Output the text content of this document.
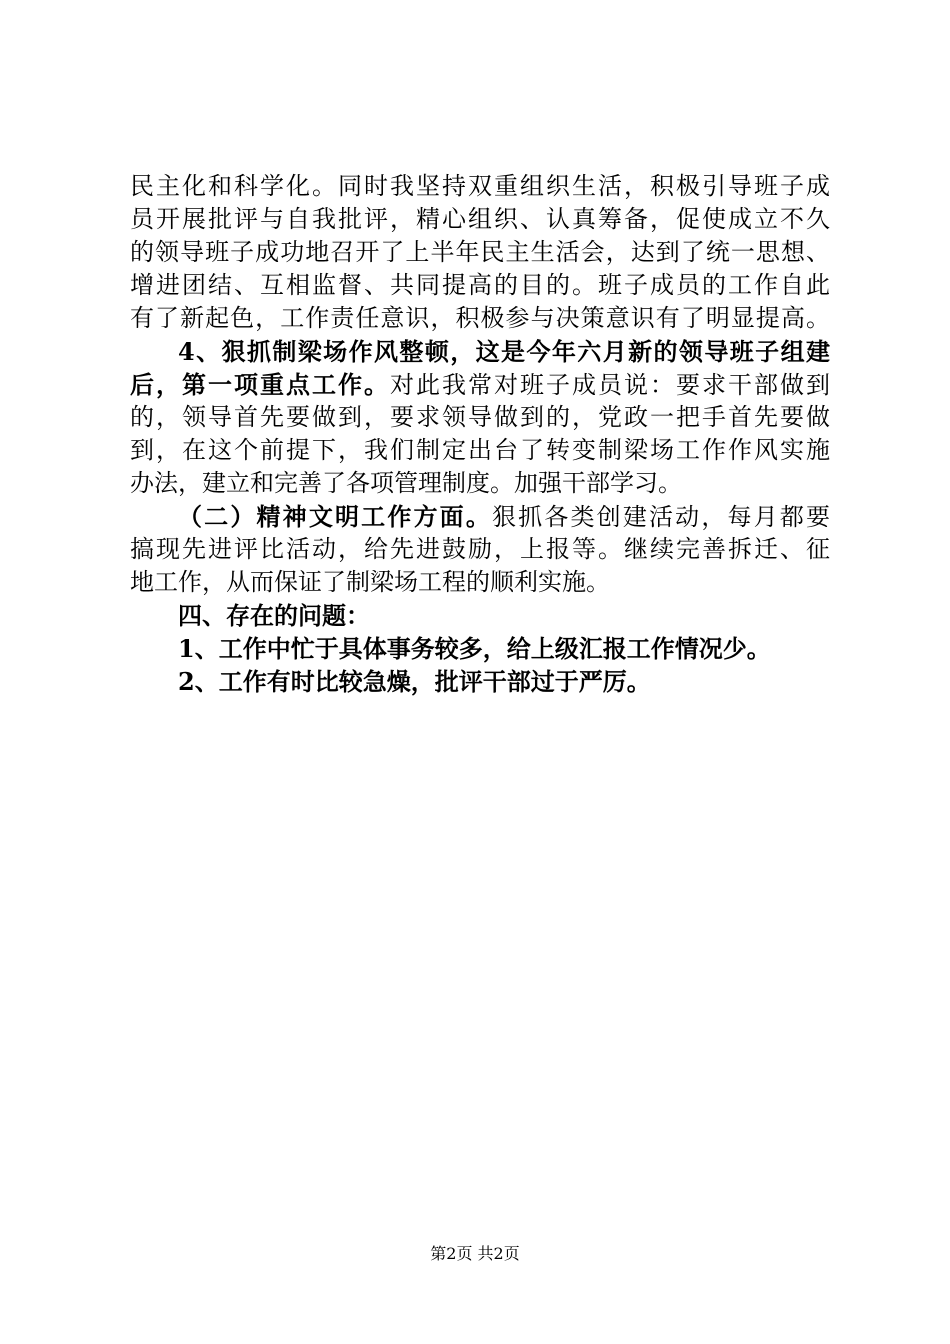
民主化和科学化。同时我坚持双重组织生活，积极引导班子成
员开展批评与自我批评，精心组织、认真筹备，促使成立不久
的领导班子成功地召开了上半年民主生活会，达到了统一思想、
增进团结、互相监督、共同提高的目的。班子成员的工作自此
有了新起色，工作责任意识，积极参与决策意识有了明显提高。
4、狠抓制梁场作风整顿，这是今年六月新的领导班子组建
后，第一项重点工作。对此我常对班子成员说：要求干部做到
的，领导首先要做到，要求领导做到的，党政一把手首先要做
到，在这个前提下，我们制定出台了转变制梁场工作作风实施
办法，建立和完善了各项管理制度。加强干部学习。
（二）精神文明工作方面。狠抓各类创建活动，每月都要
搞现先进评比活动，给先进鼓励，上报等。继续完善拆迁、征
地工作，从而保证了制梁场工程的顺利实施。
四、存在的问题：
1、工作中忙于具体事务较多，给上级汇报工作情况少。
2、工作有时比较急燥，批评干部过于严厉。
第2页 共2页
